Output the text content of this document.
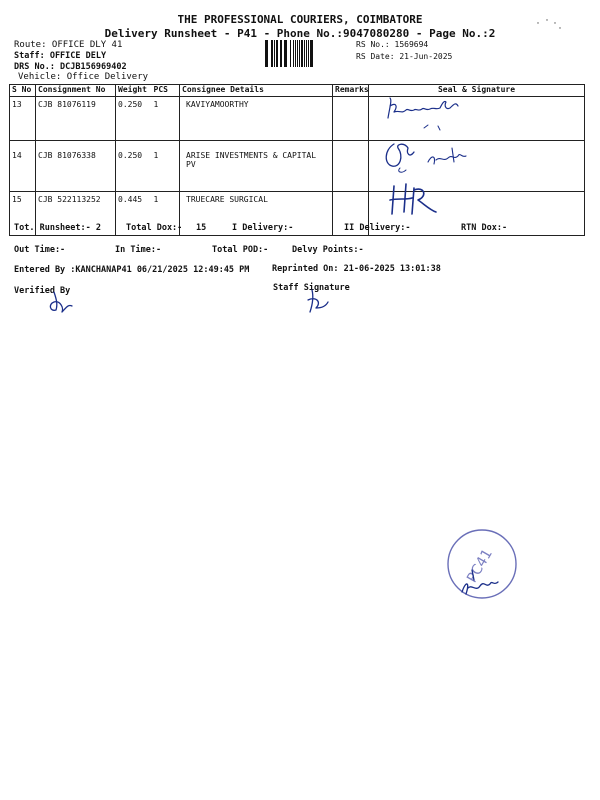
THE PROFESSIONAL COURIERS, COIMBATORE
Delivery Runsheet - P41 - Phone No.:9047080280 - Page No.:2
Route: OFFICE DLY 41
Staff: OFFICE DELY
DRS No.: DCJB156969402
Vehicle: Office Delivery
RS No.: 1569694
RS Date: 21-Jun-2025
S No	Consignment No	Weight	PCS	Consignee Details	Remarks	Seal & Signature
13	CJB 81076119	0.250	1	KAVIYAMOORTHY		
14	CJB 81076338	0.250	1	ARISE INVESTMENTS & CAPITAL PV		
15	CJB 522113252	0.445	1	TRUECARE SURGICAL		
Tot. Runsheet:- 2	Total Dox:- 15	I Delivery:-	II Delivery:-	RTN Dox:-
Out Time:-	In Time:-	Total POD:-	Delvy Points:-
Entered By :KANCHANAP41 06/21/2025 12:49:45 PM	Reprinted On: 21-06-2025 13:01:38
Verified By	Staff Signature
PC41
